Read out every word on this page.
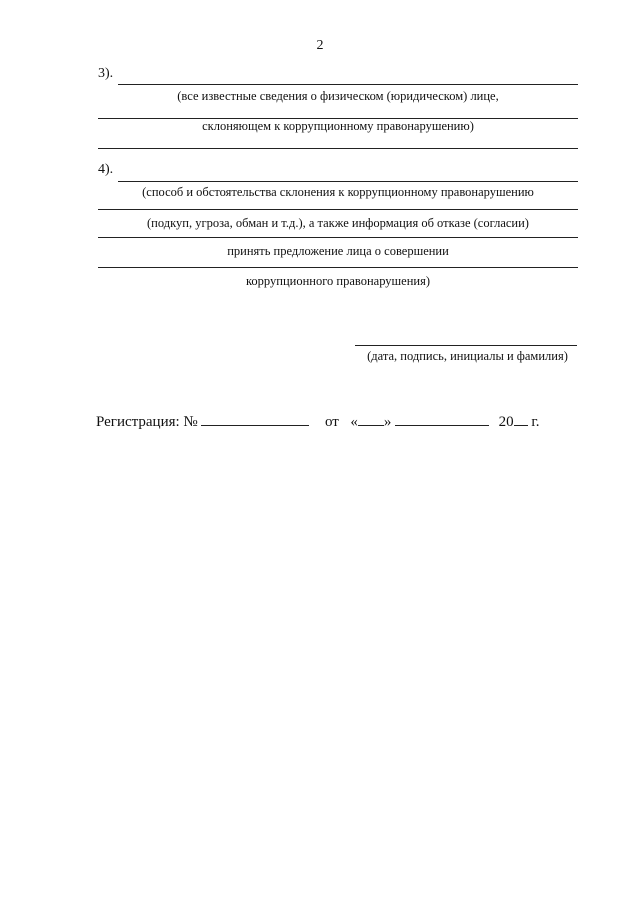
2
3).
(все известные сведения о физическом (юридическом) лице,
склоняющем к коррупционному правонарушению)
4).
(способ и обстоятельства склонения к коррупционному правонарушению
(подкуп, угроза, обман и т.д.), а также информация об отказе (согласии)
принять предложение лица о совершении
коррупционного правонарушения)
(дата, подпись, инициалы и фамилия)
Регистрация: №	от « »	20 г.
